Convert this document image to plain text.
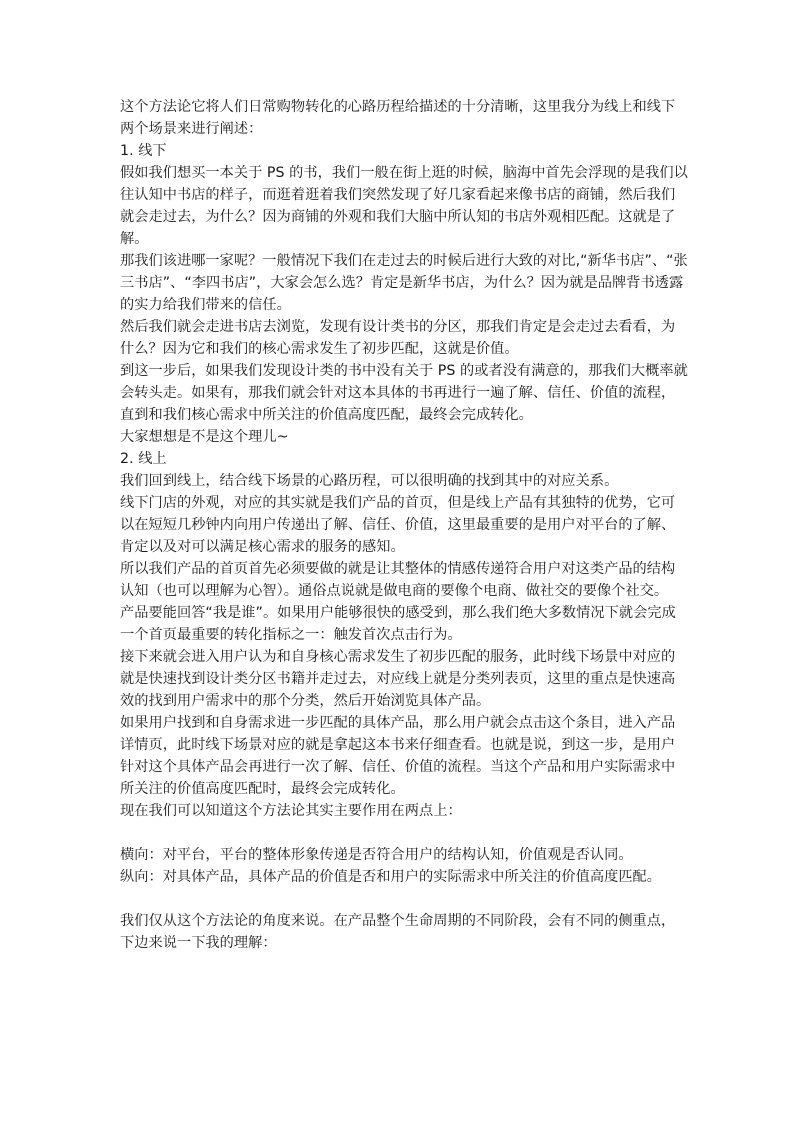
这个方法论它将人们日常购物转化的心路历程给描述的十分清晰，这里我分为线上和线下
两个场景来进行阐述：
1. 线下
假如我们想买一本关于 PS 的书，我们一般在街上逛的时候，脑海中首先会浮现的是我们以
往认知中书店的样子，而逛着逛着我们突然发现了好几家看起来像书店的商铺，然后我们
就会走过去，为什么？因为商铺的外观和我们大脑中所认知的书店外观相匹配。这就是了
解。
那我们该进哪一家呢？一般情况下我们在走过去的时候后进行大致的对比,“新华书店”、“张
三书店”、“李四书店”，大家会怎么选？肯定是新华书店，为什么？因为就是品牌背书透露
的实力给我们带来的信任。
然后我们就会走进书店去浏览，发现有设计类书的分区，那我们肯定是会走过去看看，为
什么？因为它和我们的核心需求发生了初步匹配，这就是价值。
到这一步后，如果我们发现设计类的书中没有关于 PS 的或者没有满意的，那我们大概率就
会转头走。如果有，那我们就会针对这本具体的书再进行一遍了解、信任、价值的流程，
直到和我们核心需求中所关注的价值高度匹配，最终会完成转化。
大家想想是不是这个理儿~
2. 线上
我们回到线上，结合线下场景的心路历程，可以很明确的找到其中的对应关系。
线下门店的外观，对应的其实就是我们产品的首页，但是线上产品有其独特的优势，它可
以在短短几秒钟内向用户传递出了解、信任、价值，这里最重要的是用户对平台的了解、
肯定以及对可以满足核心需求的服务的感知。
所以我们产品的首页首先必须要做的就是让其整体的情感传递符合用户对这类产品的结构
认知（也可以理解为心智）。通俗点说就是做电商的要像个电商、做社交的要像个社交。
产品要能回答“我是谁”。如果用户能够很快的感受到，那么我们绝大多数情况下就会完成
一个首页最重要的转化指标之一：触发首次点击行为。
接下来就会进入用户认为和自身核心需求发生了初步匹配的服务，此时线下场景中对应的
就是快速找到设计类分区书籍并走过去，对应线上就是分类列表页，这里的重点是快速高
效的找到用户需求中的那个分类，然后开始浏览具体产品。
如果用户找到和自身需求进一步匹配的具体产品，那么用户就会点击这个条目，进入产品
详情页，此时线下场景对应的就是拿起这本书来仔细查看。也就是说，到这一步，是用户
针对这个具体产品会再进行一次了解、信任、价值的流程。当这个产品和用户实际需求中
所关注的价值高度匹配时，最终会完成转化。
现在我们可以知道这个方法论其实主要作用在两点上：
横向：对平台，平台的整体形象传递是否符合用户的结构认知，价值观是否认同。
纵向：对具体产品，具体产品的价值是否和用户的实际需求中所关注的价值高度匹配。
我们仅从这个方法论的角度来说。在产品整个生命周期的不同阶段，会有不同的侧重点，
下边来说一下我的理解：
